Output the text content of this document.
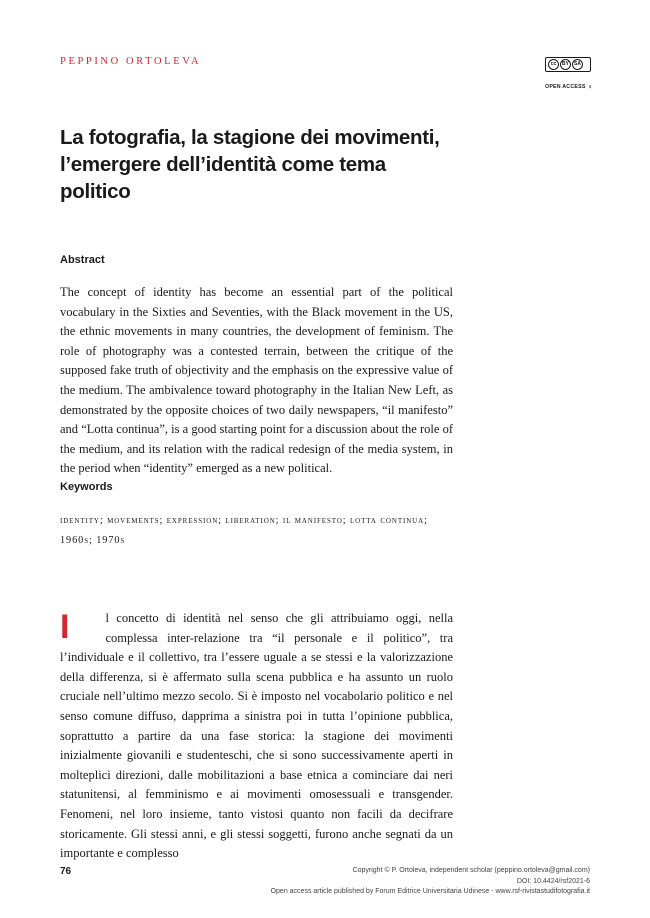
PEPPINO ORTOLEVA	cc	BY	SA
OPEN ACCESS
La fotografia, la stagione dei movimenti, l’emergere dell’identità come tema politico
Abstract
The concept of identity has become an essential part of the political vocabulary in the Sixties and Seventies, with the Black movement in the US, the ethnic movements in many countries, the development of feminism. The role of photography was a contested terrain, between the critique of the supposed fake truth of objectivity and the emphasis on the expressive value of the medium. The ambivalence toward photography in the Italian New Left, as demonstrated by the opposite choices of two daily newspapers, “il manifesto” and “Lotta continua”, is a good starting point for a discussion about the role of the medium, and its relation with the radical redesign of the media system, in the period when “identity” emerged as a new political.
Keywords
identity; movements; expression; liberation; il manifesto; lotta continua; 1960s; 1970s
I	l concetto di identità nel senso che gli attribuiamo oggi, nella complessa inter-relazione tra “il personale e il politico”, tra l’individuale e il collettivo, tra l’essere uguale a se stessi e la valorizzazione della differenza, si è affermato sulla scena pubblica e ha assunto un ruolo cruciale nell’ultimo mezzo secolo. Si è imposto nel vocabolario politico e nel senso comune diffuso, dapprima a sinistra poi in tutta l’opinione pubblica, soprattutto a partire da una fase storica: la stagione dei movimenti inizialmente giovanili e studenteschi, che si sono successivamente aperti in molteplici direzioni, dalle mobilitazioni a base etnica a cominciare dai neri statunitensi, al femminismo e ai movimenti omosessuali e transgender. Fenomeni, nel loro insieme, tanto vistosi quanto non facili da decifrare storicamente. Gli stessi anni, e gli stessi soggetti, furono anche segnati da un importante e complesso
76	Copyright © P. Ortoleva, independent scholar (peppino.ortoleva@gmail.com)
DOI: 10.4424/rsf2021-6
Open access article published by Forum Editrice Universitaria Udinese - www.rsf-rivistastudifotografia.it
